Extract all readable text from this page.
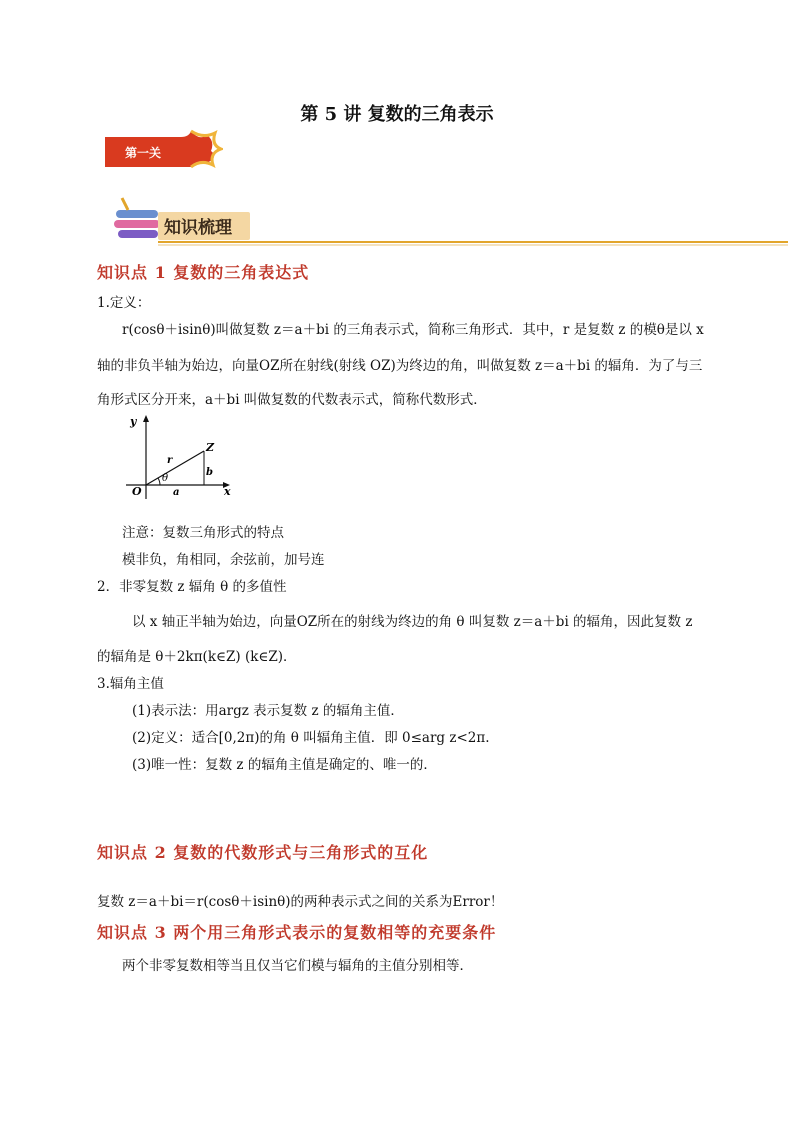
第 5 讲 复数的三角表示
第一关
知识梳理
知识点 1 复数的三角表达式
1.定义：
r(cosθ＋isinθ)叫做复数 z＝a＋bi 的三角表示式，简称三角形式．其中，r 是复数 z 的模θ是以 x
轴的非负半轴为始边，向量OZ所在射线(射线 OZ)为终边的角，叫做复数 z＝a＋bi 的辐角．为了与三
角形式区分开来，a＋bi 叫做复数的代数表示式，简称代数形式．
y
x
O
Z
r
θ
a
b
注意：复数三角形式的特点
模非负，角相同，余弦前，加号连
2．非零复数 z 辐角 θ 的多值性
以 x 轴正半轴为始边，向量OZ所在的射线为终边的角 θ 叫复数 z＝a＋bi 的辐角，因此复数 z
的辐角是 θ＋2kπ(k∈Z) (k∈Z)．
3.辐角主值
(1)表示法：用argz 表示复数 z 的辐角主值．
(2)定义：适合[0,2π)的角 θ 叫辐角主值．即 0≤arg z<2π.
(3)唯一性：复数 z 的辐角主值是确定的、唯一的．
知识点 2 复数的代数形式与三角形式的互化
复数 z＝a＋bi＝r(cosθ＋isinθ)的两种表示式之间的关系为Error！
知识点 3 两个用三角形式表示的复数相等的充要条件
两个非零复数相等当且仅当它们模与辐角的主值分别相等．
